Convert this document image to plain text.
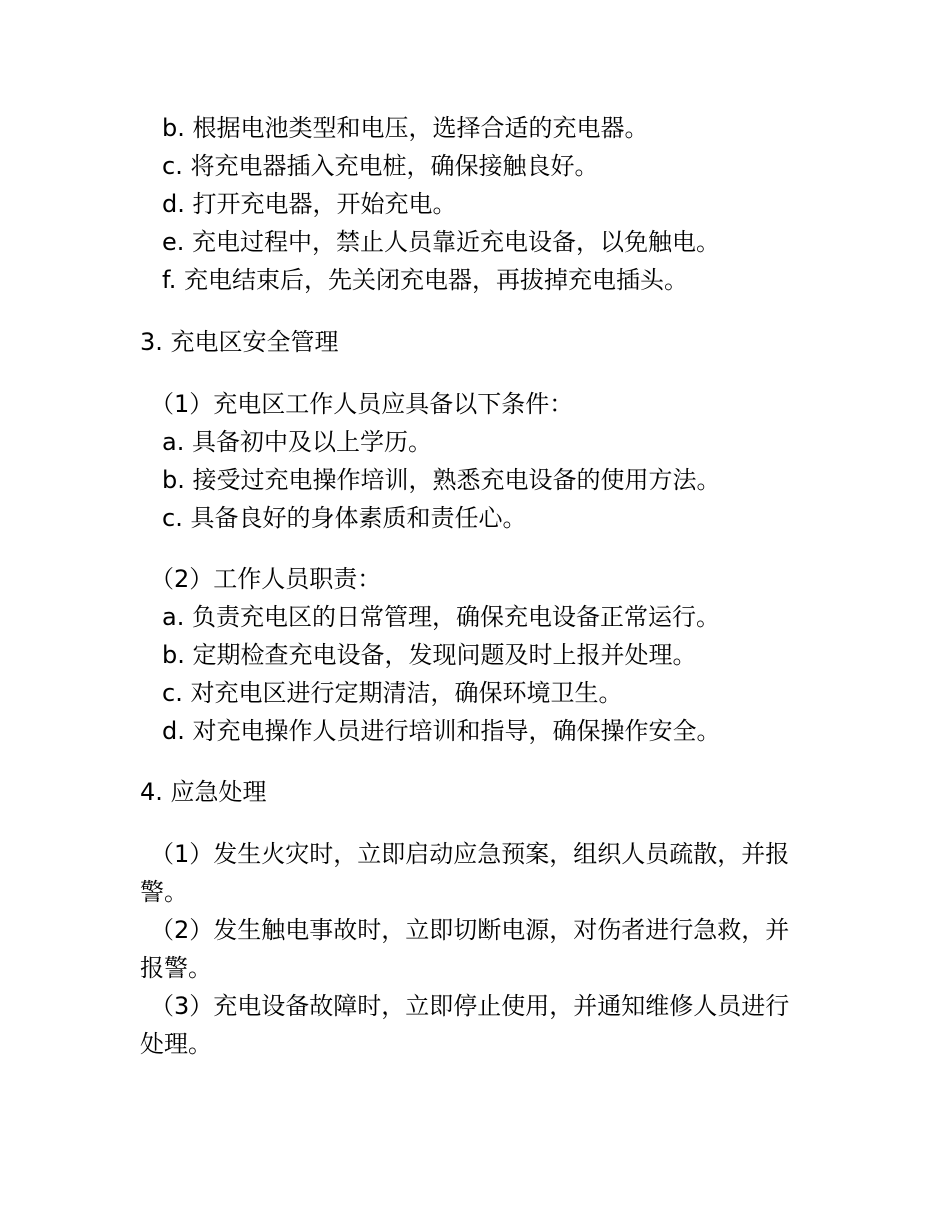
b. 根据电池类型和电压，选择合适的充电器。
c. 将充电器插入充电桩，确保接触良好。
d. 打开充电器，开始充电。
e. 充电过程中，禁止人员靠近充电设备，以免触电。
f. 充电结束后，先关闭充电器，再拔掉充电插头。
3. 充电区安全管理
（1）充电区工作人员应具备以下条件：
a. 具备初中及以上学历。
b. 接受过充电操作培训，熟悉充电设备的使用方法。
c. 具备良好的身体素质和责任心。
（2）工作人员职责：
a. 负责充电区的日常管理，确保充电设备正常运行。
b. 定期检查充电设备，发现问题及时上报并处理。
c. 对充电区进行定期清洁，确保环境卫生。
d. 对充电操作人员进行培训和指导，确保操作安全。
4. 应急处理
（1）发生火灾时，立即启动应急预案，组织人员疏散，并报警。
（2）发生触电事故时，立即切断电源，对伤者进行急救，并报警。
（3）充电设备故障时，立即停止使用，并通知维修人员进行处理。
